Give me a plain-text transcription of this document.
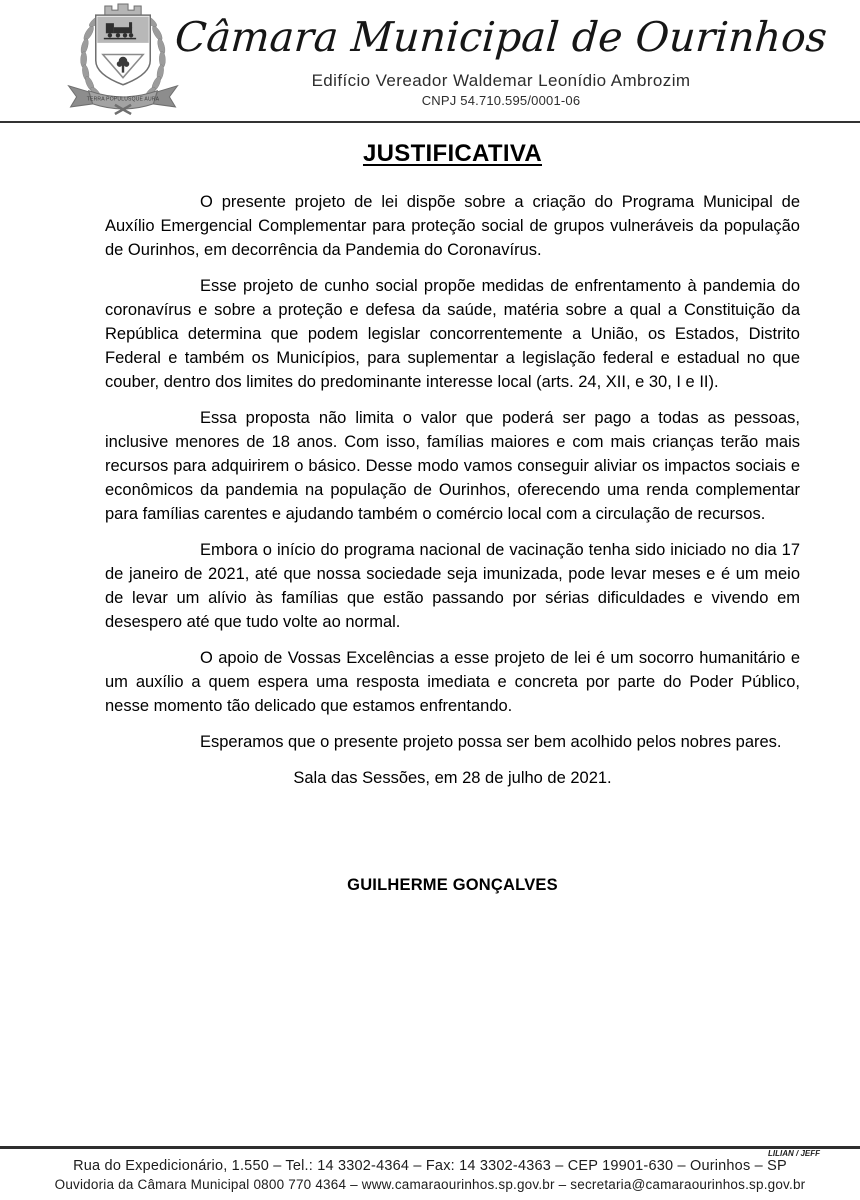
TERRA POPULUSQUE AURA
Câmara Municipal de Ourinhos
Edifício Vereador Waldemar Leonídio Ambrozim
CNPJ 54.710.595/0001-06
JUSTIFICATIVA

O presente projeto de lei dispõe sobre a criação do Programa Municipal de Auxílio Emergencial Complementar para proteção social de grupos vulneráveis da população de Ourinhos, em decorrência da Pandemia do Coronavírus.

Esse projeto de cunho social propõe medidas de enfrentamento à pandemia do coronavírus e sobre a proteção e defesa da saúde, matéria sobre a qual a Constituição da República determina que podem legislar concorrentemente a União, os Estados, Distrito Federal e também os Municípios, para suplementar a legislação federal e estadual no que couber, dentro dos limites do predominante interesse local (arts. 24, XII, e 30, I e II).

Essa proposta não limita o valor que poderá ser pago a todas as pessoas, inclusive menores de 18 anos. Com isso, famílias maiores e com mais crianças terão mais recursos para adquirirem o básico. Desse modo vamos conseguir aliviar os impactos sociais e econômicos da pandemia na população de Ourinhos, oferecendo uma renda complementar para famílias carentes e ajudando também o comércio local com a circulação de recursos.

Embora o início do programa nacional de vacinação tenha sido iniciado no dia 17 de janeiro de 2021, até que nossa sociedade seja imunizada, pode levar meses e é um meio de levar um alívio às famílias que estão passando por sérias dificuldades e vivendo em desespero até que tudo volte ao normal.

O apoio de Vossas Excelências a esse projeto de lei é um socorro humanitário e um auxílio a quem espera uma resposta imediata e concreta por parte do Poder Público, nesse momento tão delicado que estamos enfrentando.

Esperamos que o presente projeto possa ser bem acolhido pelos nobres pares.

Sala das Sessões, em 28 de julho de 2021.

GUILHERME GONÇALVES

LILIAN / JEFF
Rua do Expedicionário, 1.550 – Tel.: 14 3302-4364 – Fax: 14 3302-4363 – CEP 19901-630 – Ourinhos – SP
Ouvidoria da Câmara Municipal 0800 770 4364 – www.camaraourinhos.sp.gov.br – secretaria@camaraourinhos.sp.gov.br
